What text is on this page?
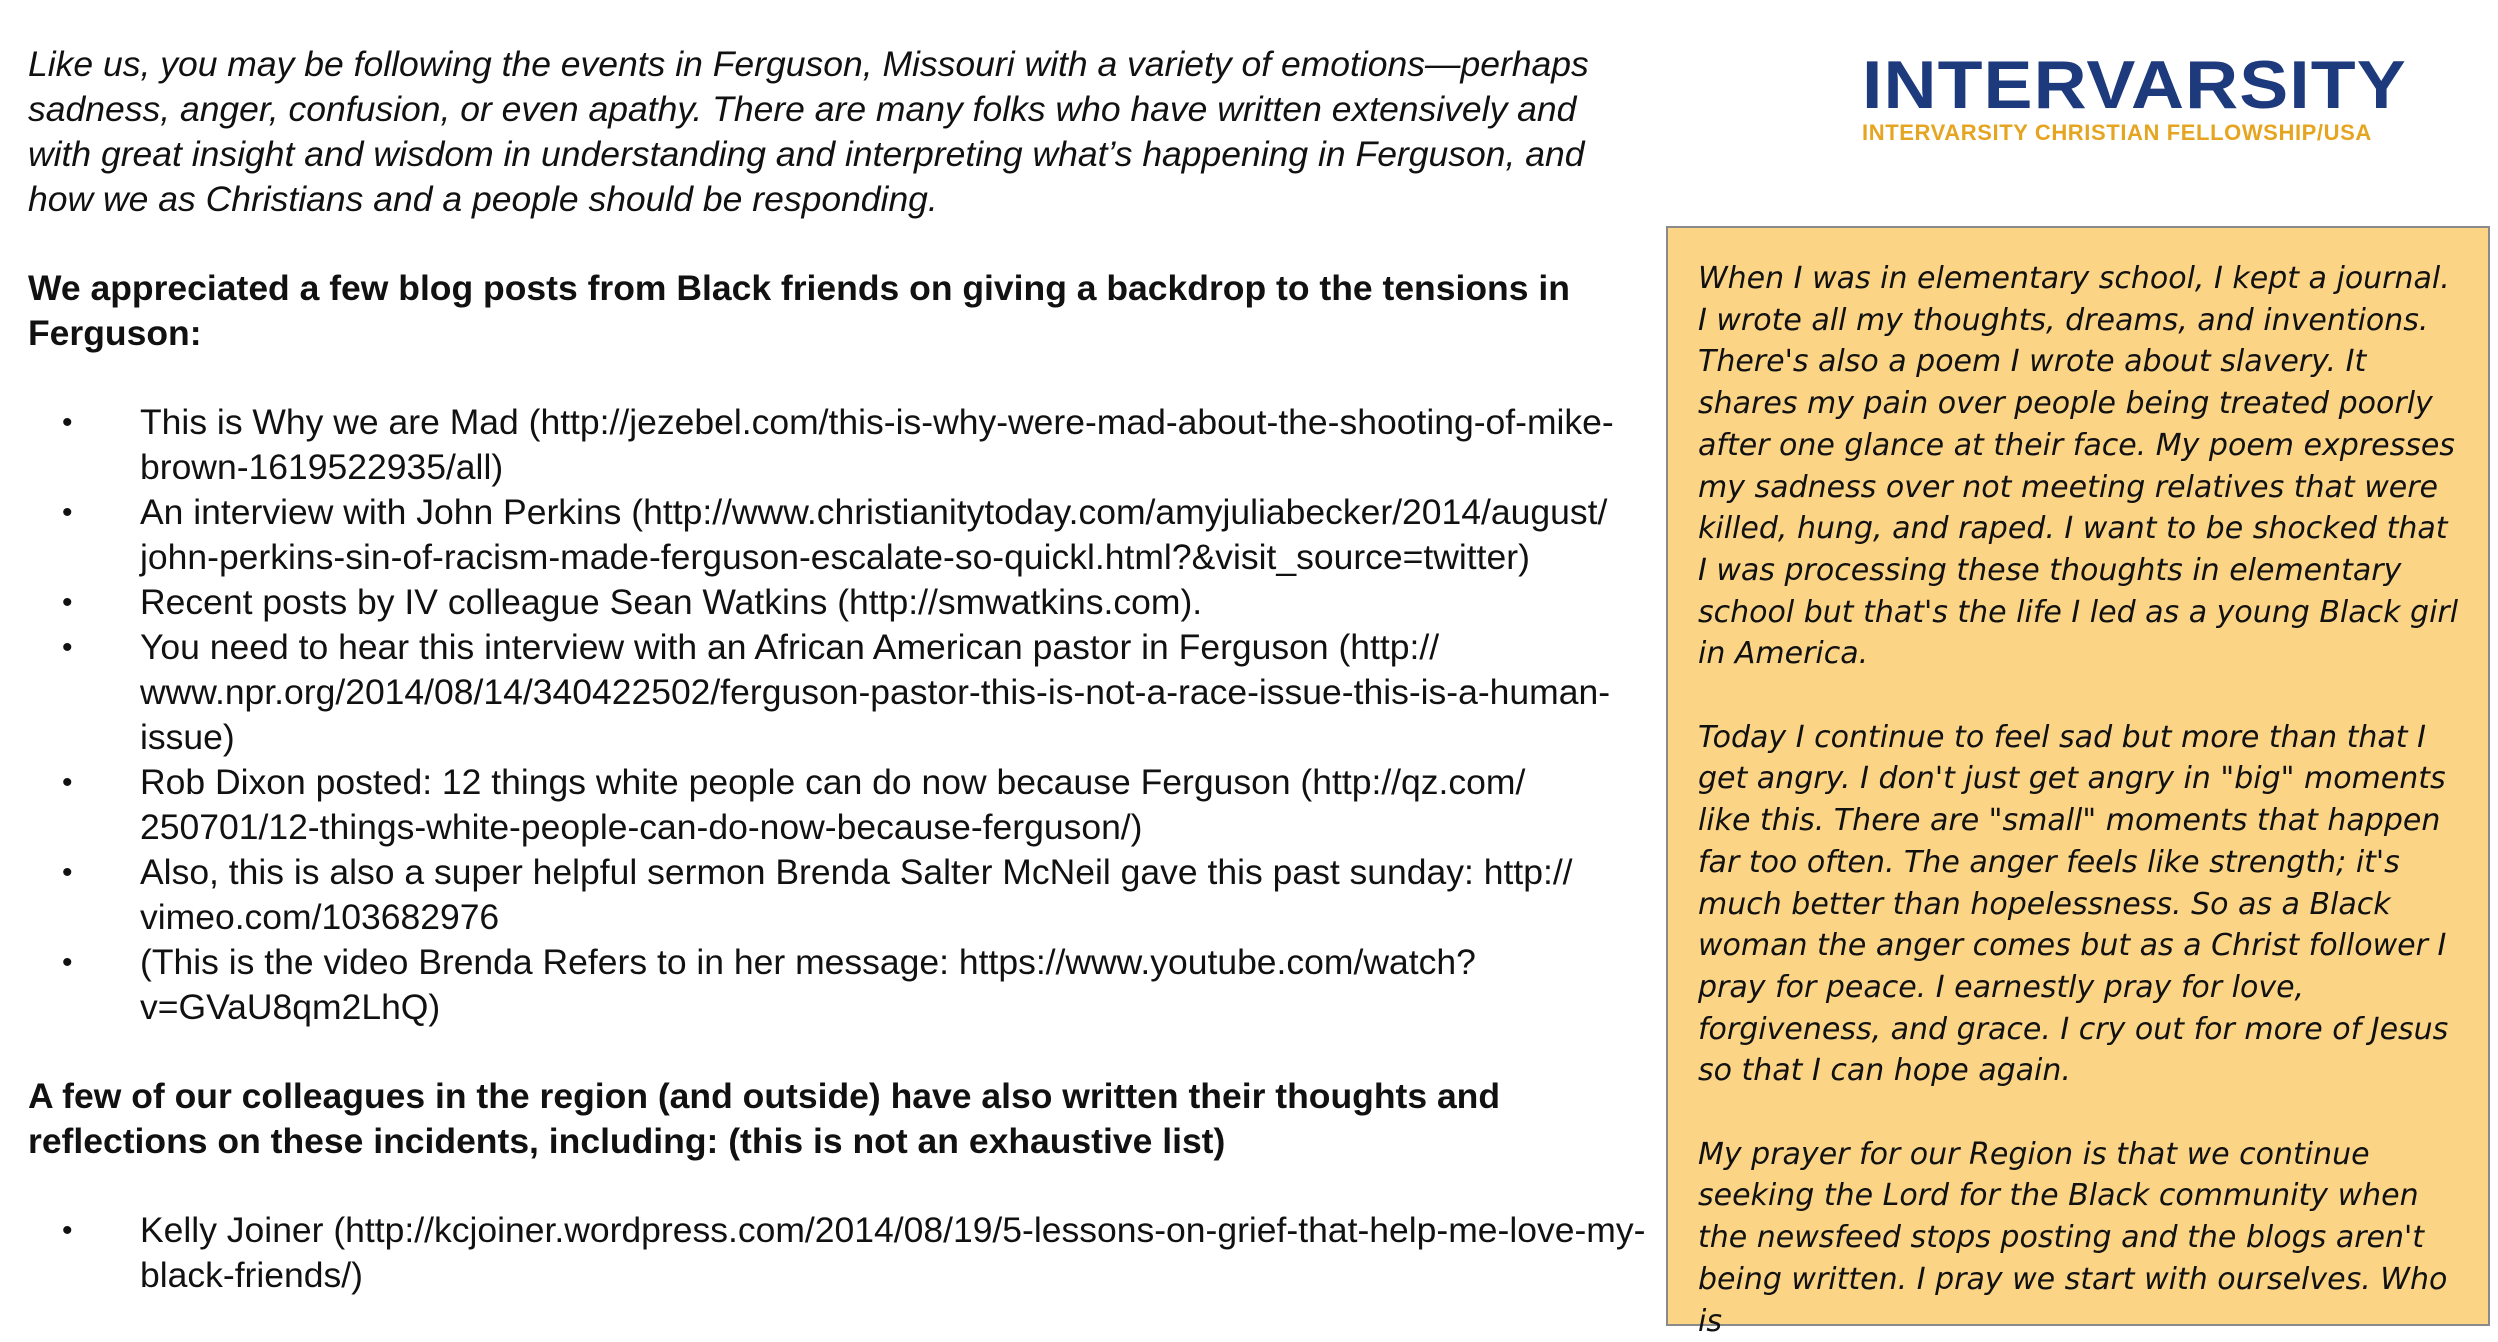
Like us, you may be following the events in Ferguson, Missouri with a variety of emotions—perhaps sadness, anger, confusion, or even apathy. There are many folks who have written extensively and with great insight and wisdom in understanding and interpreting what’s happening in Ferguson, and how we as Christians and a people should be responding.

We appreciated a few blog posts from Black friends on giving a backdrop to the tensions in Ferguson:

• This is Why we are Mad (http://jezebel.com/this-is-why-were-mad-about-the-shooting-of-mike-brown-1619522935/all)
• An interview with John Perkins (http://www.christianitytoday.com/amyjuliabecker/2014/august/ john-perkins-sin-of-racism-made-ferguson-escalate-so-quickl.html?&visit_source=twitter)
• Recent posts by IV colleague Sean Watkins (http://smwatkins.com).
• You need to hear this interview with an African American pastor in Ferguson (http:// www.npr.org/2014/08/14/340422502/ferguson-pastor-this-is-not-a-race-issue-this-is-a-human-issue)
• Rob Dixon posted: 12 things white people can do now because Ferguson (http://qz.com/ 250701/12-things-white-people-can-do-now-because-ferguson/)
• Also, this is also a super helpful sermon Brenda Salter McNeil gave this past sunday: http:// vimeo.com/103682976
• (This is the video Brenda Refers to in her message: https://www.youtube.com/watch? v=GVaU8qm2LhQ)

A few of our colleagues in the region (and outside) have also written their thoughts and reflections on these incidents, including: (this is not an exhaustive list)

• Kelly Joiner (http://kcjoiner.wordpress.com/2014/08/19/5-lessons-on-grief-that-help-me-love-my-black-friends/)
INTERVARSITY
INTERVARSITY CHRISTIAN FELLOWSHIP/USA

When I was in elementary school, I kept a journal. I wrote all my thoughts, dreams, and inventions. There's also a poem I wrote about slavery. It shares my pain over people being treated poorly after one glance at their face. My poem expresses my sadness over not meeting relatives that were killed, hung, and raped. I want to be shocked that I was processing these thoughts in elementary school but that's the life I led as a young Black girl in America.

Today I continue to feel sad but more than that I get angry. I don't just get angry in "big" moments like this. There are "small" moments that happen far too often. The anger feels like strength; it's much better than hopelessness. So as a Black woman the anger comes but as a Christ follower I pray for peace. I earnestly pray for love, forgiveness, and grace. I cry out for more of Jesus so that I can hope again.

My prayer for our Region is that we continue seeking the Lord for the Black community when the newsfeed stops posting and the blogs aren't being written. I pray we start with ourselves. Who is
